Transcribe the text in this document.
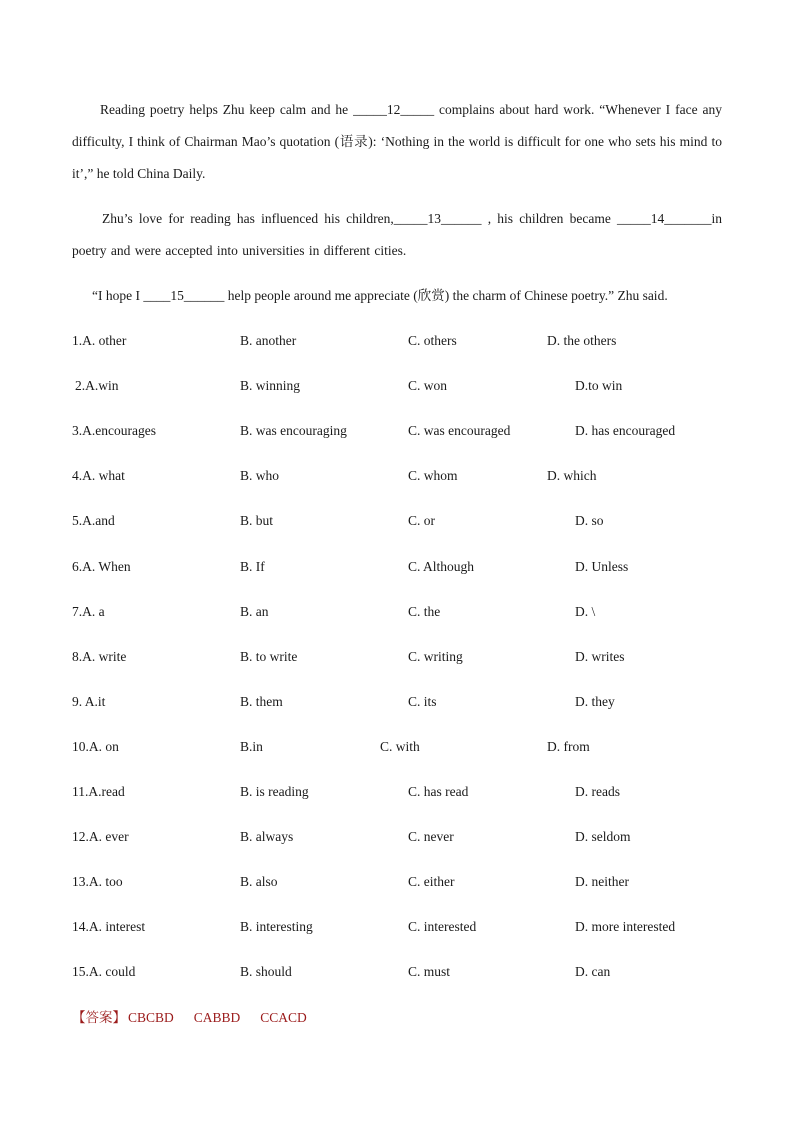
Reading poetry helps Zhu keep calm and he _____12_____ complains about hard work. “Whenever I face any difficulty, I think of Chairman Mao’s quotation (语录): ‘Nothing in the world is difficult for one who sets his mind to it’,” he told China Daily.
Zhu’s love for reading has influenced his children,_____13______ , his children became _____14_______in poetry and were accepted into universities in different cities.
“I hope I ____15______ help people around me appreciate (欣赏) the charm of Chinese poetry.” Zhu said.
1.A. other	B. another	C. others	D. the others
2.A.win	B. winning	C. won	D.to win
3.A.encourages	B. was encouraging	C. was encouraged	D. has encouraged
4.A. what	B. who	C. whom	D. which
5.A.and	B. but	C. or	D. so
6.A. When	B. If	C. Although	D. Unless
7.A. a	B. an	C. the	D. \
8.A. write	B. to write	C. writing	D. writes
9. A.it	B. them	C. its	D. they
10.A. on	B.in	C. with	D. from
11.A.read	B. is reading	C. has read	D. reads
12.A. ever	B. always	C. never	D. seldom
13.A. too	B. also	C. either	D. neither
14.A. interest	B. interesting	C. interested	D. more interested
15.A. could	B. should	C. must	D. can
【答案】 CBCBD CABBD CCACD
